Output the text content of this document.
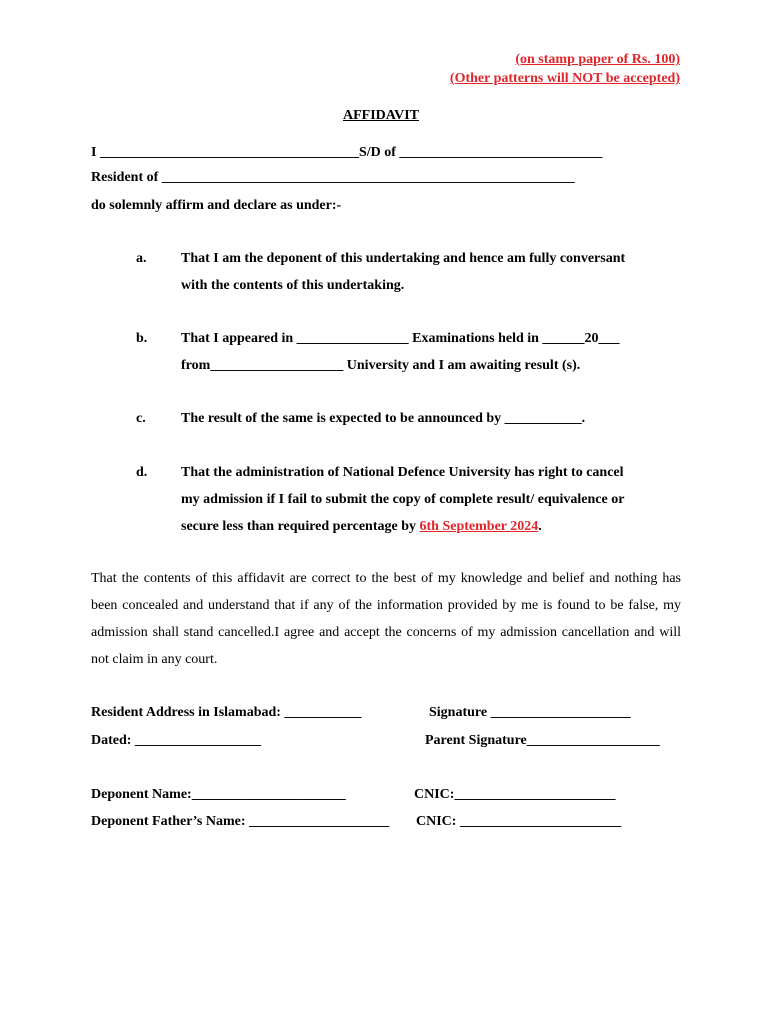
(on stamp paper of Rs. 100)
(Other patterns will NOT be accepted)
AFFIDAVIT
I _____________________________________S/D of _____________________________
Resident of ___________________________________________________________
do solemnly affirm and declare as under:-
a. That I am the deponent of this undertaking and hence am fully conversant
with the contents of this undertaking.
b. That I appeared in ________________ Examinations held in ______20___
from___________________ University and I am awaiting result (s).
c.	The result of the same is expected to be announced by ___________.
d. That the administration of National Defence University has right to cancel
my admission if I fail to submit the copy of complete result/ equivalence or
secure less than required percentage by 6th September 2024.
That the contents of this affidavit are correct to the best of my knowledge and belief and nothing has been concealed and understand that if any of the information provided by me is found to be false, my admission shall stand cancelled.I agree and accept the concerns of my admission cancellation and will not claim in any court.
Resident Address in Islamabad: ___________	Signature ____________________
Dated: __________________	Parent Signature___________________
Deponent Name:______________________	CNIC:_______________________
Deponent Father’s Name: ____________________ CNIC: _______________________
